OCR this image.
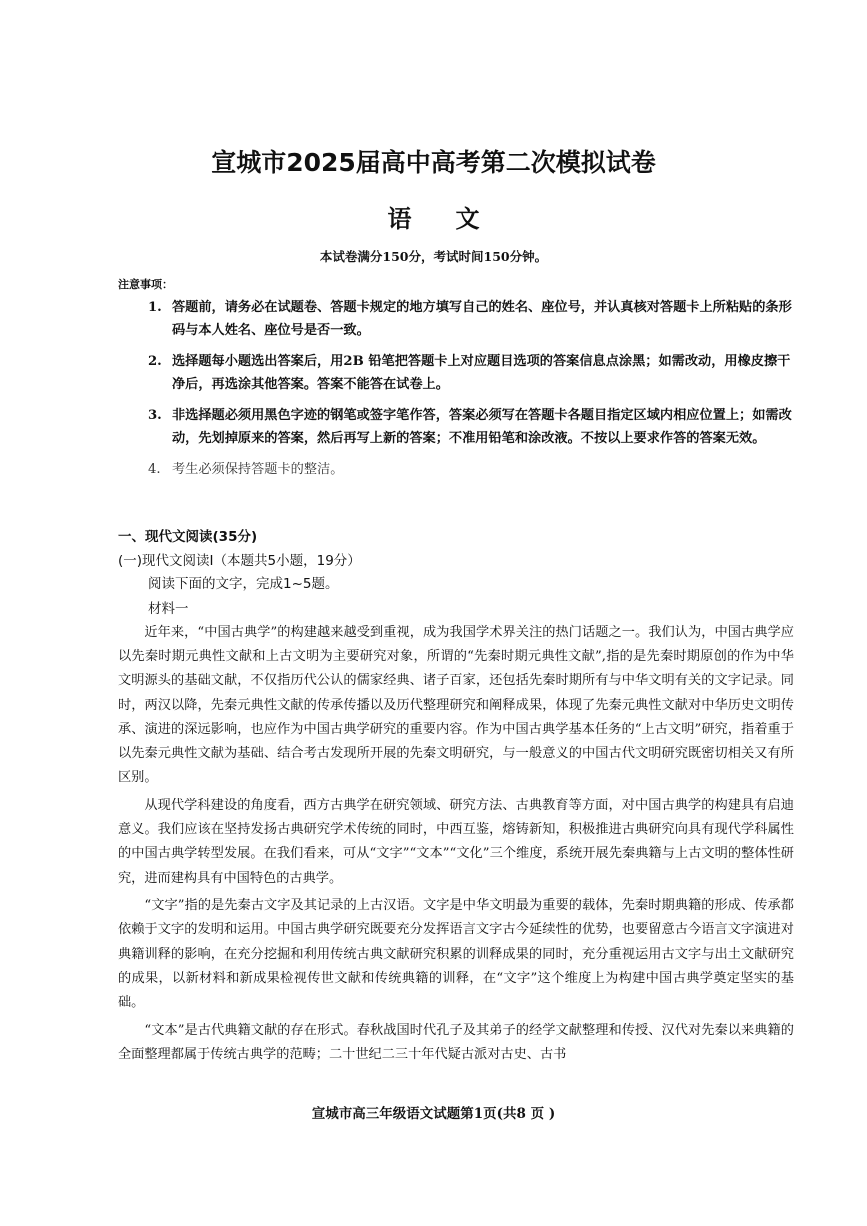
宣城市2025届高中高考第二次模拟试卷
语文
本试卷满分150分，考试时间150分钟。
注意事项：
1. 答题前，请务必在试题卷、答题卡规定的地方填写自己的姓名、座位号，并认真核对答题卡上所粘贴的条形码与本人姓名、座位号是否一致。
2. 选择题每小题选出答案后，用2B 铅笔把答题卡上对应题目选项的答案信息点涂黑；如需改动，用橡皮擦干净后，再选涂其他答案。答案不能答在试卷上。
3. 非选择题必须用黑色字迹的钢笔或签字笔作答，答案必须写在答题卡各题目指定区域内相应位置上；如需改动，先划掉原来的答案，然后再写上新的答案；不准用铅笔和涂改液。不按以上要求作答的答案无效。
4. 考生必须保持答题卡的整洁。
一、现代文阅读(35分)
(一)现代文阅读I（本题共5小题，19分）
阅读下面的文字，完成1~5题。
材料一

近年来，“中国古典学”的构建越来越受到重视，成为我国学术界关注的热门话题之一。我们认为，中国古典学应以先秦时期元典性文献和上古文明为主要研究对象，所谓的“先秦时期元典性文献”,指的是先秦时期原创的作为中华文明源头的基础文献，不仅指历代公认的儒家经典、诸子百家，还包括先秦时期所有与中华文明有关的文字记录。同时，两汉以降，先秦元典性文献的传承传播以及历代整理研究和阐释成果，体现了先秦元典性文献对中华历史文明传承、演进的深远影响，也应作为中国古典学研究的重要内容。作为中国古典学基本任务的“上古文明”研究，指着重于以先秦元典性文献为基础、结合考古发现所开展的先秦文明研究，与一般意义的中国古代文明研究既密切相关又有所区别。

从现代学科建设的角度看，西方古典学在研究领域、研究方法、古典教育等方面，对中国古典学的构建具有启迪意义。我们应该在坚持发扬古典研究学术传统的同时，中西互鉴，熔铸新知，积极推进古典研究向具有现代学科属性的中国古典学转型发展。在我们看来，可从“文字”“文本”“文化”三个维度，系统开展先秦典籍与上古文明的整体性研究，进而建构具有中国特色的古典学。

“文字”指的是先秦古文字及其记录的上古汉语。文字是中华文明最为重要的载体，先秦时期典籍的形成、传承都依赖于文字的发明和运用。中国古典学研究既要充分发挥语言文字古今延续性的优势，也要留意古今语言文字演进对典籍训释的影响，在充分挖掘和利用传统古典文献研究积累的训释成果的同时，充分重视运用古文字与出土文献研究的成果，以新材料和新成果检视传世文献和传统典籍的训释，在“文字”这个维度上为构建中国古典学奠定坚实的基础。

“文本”是古代典籍文献的存在形式。春秋战国时代孔子及其弟子的经学文献整理和传授、汉代对先秦以来典籍的全面整理都属于传统古典学的范畴；二十世纪二三十年代疑古派对古史、古书

宣城市高三年级语文试题第1页(共8 页 )
